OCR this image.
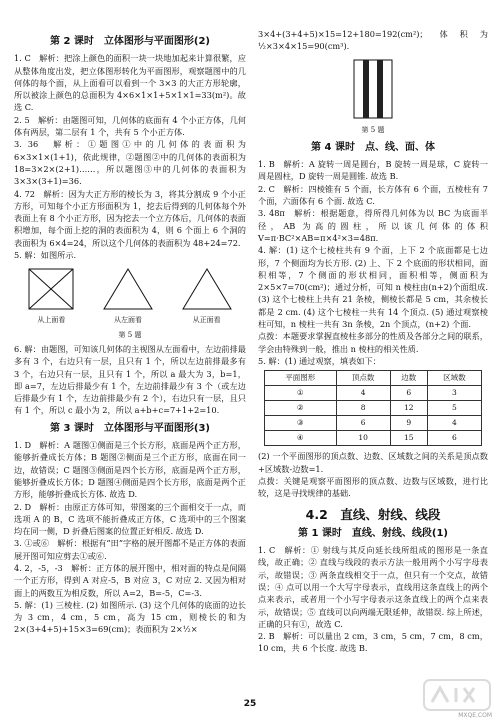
第 2 课时　立体图形与平面图形(2)

1. C　解析：把涂上颜色的面积一块一块地加起来计算很繁，应从整体角度出发，把立体图形转化为平面图形，观察题图中的几何体的每个面，从上面看可以看到一个 3×3 的大正方形轮廓，所以被涂上颜色的总面积为 4×6×1×1+5×1×1=33(m²)。故选 C.

2. 5　解析：由题图可知，几何体的底面有 4 个小正方体，几何体有两层，第二层有 1 个，共有 5 个小正方体.

3. 36　解析：①题图①中的几何体的表面积为 6×3×1×(1+1)，依此规律，②题图②中的几何体的表面积为 18=3×2×(2+1)……，所以题图③中的几何体的表面积为 3×3×(3+1)=36.

4. 72　解析：因为大正方形的棱长为 3，将其分割成 9 个小正方形，可知每个小正方形面积为 1，挖去后得到的几何体每个外表面上有 8 个小正方形，因为挖去一个立方体后，几何体的表面积增加，每个面上挖的洞的表面积为 4，则 6 个面上 6 个洞的表面积为 6×4=24，所以这个几何体的表面积为 48+24=72.

5. 解：如图所示.

从上面看	从左面看	从正面看
第 5 题

6. 解：由题图，可知该几何体的主视图从左面看中，左边前排最多有 3 个，右边只有一层，且只有 1 个，所以左边前排最多有 3 个，右边只有一层，且只有 1 个，所以 a 最大为 3，b=1，即 a=7，左边后排最少有 1 个，左边前排最少有 3 个（或左边后排最少有 1 个，左边前排最少有 2 个），右边只有一层，且只有 1 个，所以 c 最小为 2，所以 a+b+c=7+1+2=10.

第 3 课时　立体图形与平面图形(3)

1. D　解析：A 题图①侧面是三个长方形，底面是两个正方形，能够折叠成长方体；B 题图②侧面是三个正方形，底面在同一边，故错误；C 题图③侧面是四个长方形，底面是两个正方形，能够折叠成长方体；D 题图④侧面是四个长方形，底面是两个正方形，能够折叠成长方体. 故选 D.

2. D　解析：由原正方体可知，带图案的三个面相交于一点，而选项 A 的 B，C 选项不能折叠成正方体，C 选项中的三个图案均在同一侧，D 折叠后图案的位置正好相反. 故选 D.

3. ①或⑥　解析：根据有“田”字格的展开图都不是正方体的表面展开图可知应剪去①或⑥.

4. 2，-5，-3　解析：正方体的展开图中，相对面的特点是间隔一个正方形，得到 A 对应-5，B 对应 3，C 对应 2. 又因为相对面上的两数互为相反数，所以 A=2，B=-5，C=-3.

5. 解：(1) 三棱柱. (2) 如图所示. (3) 这个几何体的底面的边长为 3 cm，4 cm，5 cm，高为 15 cm，则棱长的和为 2×(3+4+5)+15×3=69(cm)；表面积为 2×½×

3×4+(3+4+5)×15=12+180=192(cm²)；体积为 ½×3×4×15=90(cm³).

第 5 题
第 4 课时　点、线、面、体

1. B　解析：A 旋转一周是圆台，B 旋转一周是球，C 旋转一周是圆柱，D 旋转一周是圆锥. 故选 B.

2. C　解析：四棱锥有 5 个面，长方体有 6 个面，五棱柱有 7 个面，六面体有 6 个面. 故选 C.

3. 48π　解析：根据题意，得所得几何体为以 BC 为底面半径，AB 为高的圆柱，所以该几何体的体积 V=π·BC²×AB=π×4²×3=48π.

4. 解：(1) 这个七棱柱共有 9 个面，上下 2 个底面都是七边形，7 个侧面均为长方形. (2) 上、下 2 个底面的形状相同，面积相等，7 个侧面的形状相同，面积相等，侧面积为 2×5×7=70(cm²)；通过分析，可知 n 棱柱由(n+2)个面组成. (3) 这个七棱柱上共有 21 条棱，侧棱长都是 5 cm，其余棱长都是 2 cm. (4) 这个七棱柱一共有 14 个顶点. (5) 通过观察棱柱可知，n 棱柱一共有 3n 条棱，2n 个顶点，(n+2) 个面.

点拨：本题要求掌握直棱柱多部分的性质及各部分之间的联系，学会由特殊到一般，推出 n 棱柱的相关性质.

5. 解：(1) 通过观察，填表如下：

平面图形	顶点数	边数	区域数
①	4	6	3
②	8	12	5
③	6	9	4
④	10	15	6

(2) 一个平面图形的顶点数、边数、区域数之间的关系是顶点数+区域数-边数=1.

点拨：关键是观察平面图形的顶点数、边数与区域数，进行比较，这是寻找规律的基础.

4.2　直线、射线、线段
第 1 课时　直线、射线、线段(1)

1. C　解析：① 射线与其反向延长线所组成的图形是一条直线，故正确；② 直线与线段的表示方法一般用两个小写字母表示，故错误；③ 两条直线相交于一点，但只有一个交点，故错误；④ 点可以用一个大写字母表示，直线用这条直线上的两个点来表示，或者用一个小写字母表示这条直线上的两个点来表示，故错误；⑤ 直线可以向两端无限延伸，故错误. 综上所述，正确的只有①，故选 C.

2. B　解析：可以量出 2 cm，3 cm，5 cm，7 cm，8 cm，10 cm，共 6 个长度. 故选 B.

25
MXQE.COM
